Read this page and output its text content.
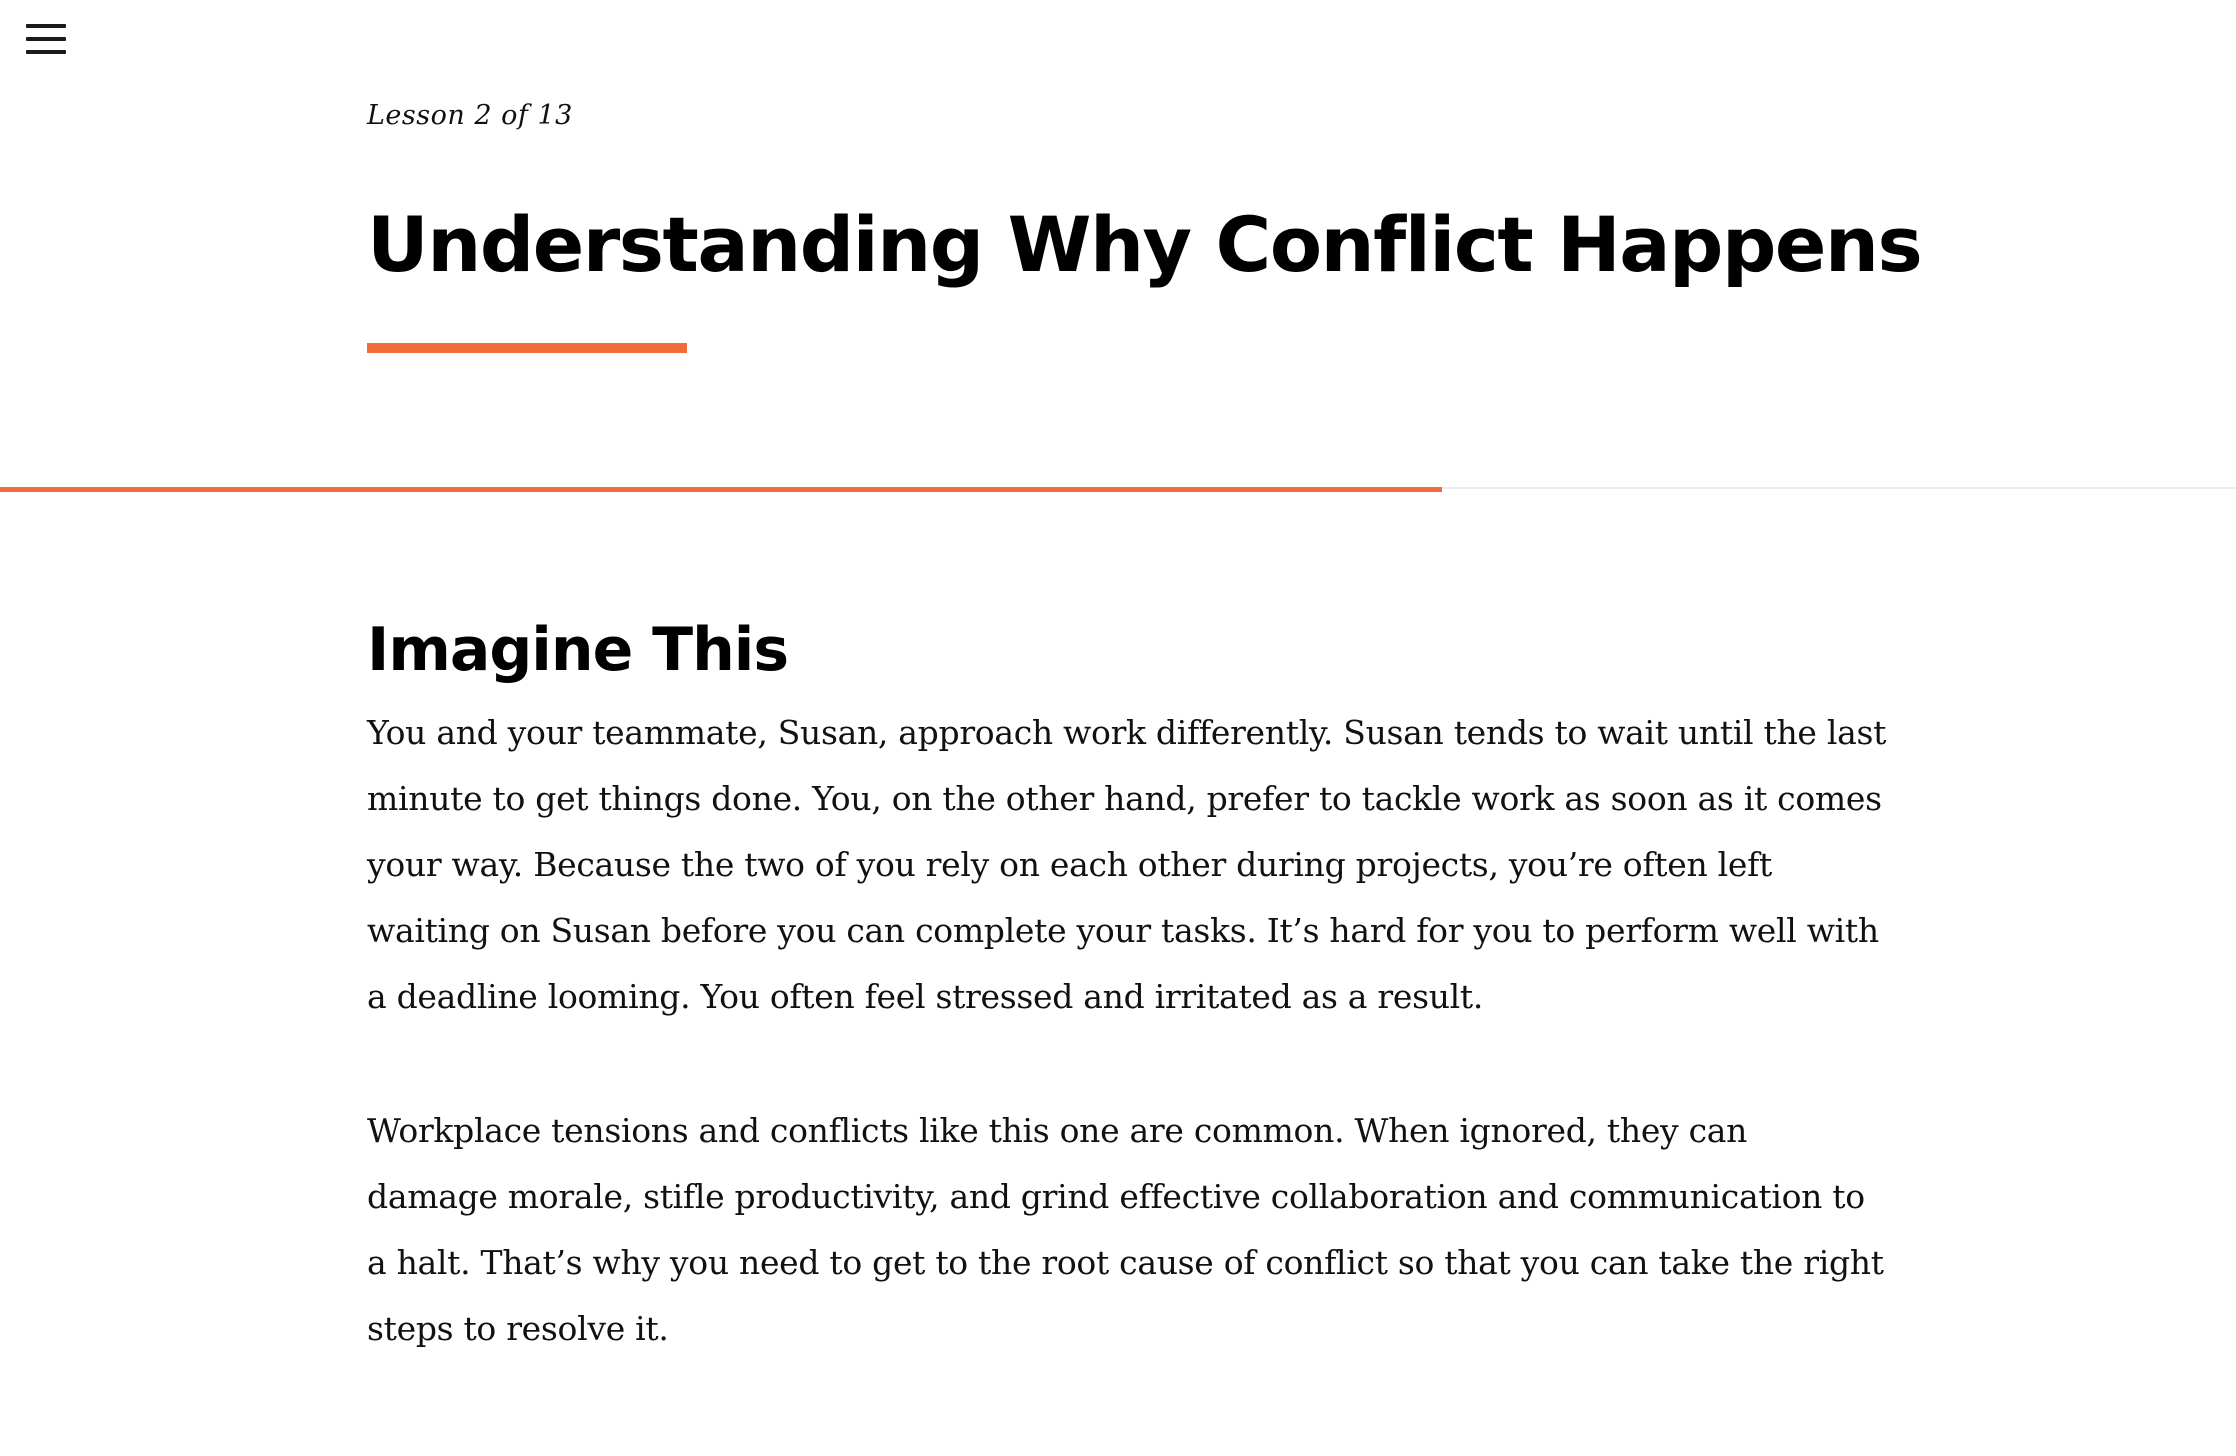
Lesson 2 of 13

Understanding Why Conflict Happens
Imagine This

You and your teammate, Susan, approach work differently. Susan tends to wait until the last minute to get things done. You, on the other hand, prefer to tackle work as soon as it comes your way. Because the two of you rely on each other during projects, you’re often left waiting on Susan before you can complete your tasks. It’s hard for you to perform well with a deadline looming. You often feel stressed and irritated as a result.

Workplace tensions and conflicts like this one are common. When ignored, they can damage morale, stifle productivity, and grind effective collaboration and communication to a halt. That’s why you need to get to the root cause of conflict so that you can take the right steps to resolve it.
